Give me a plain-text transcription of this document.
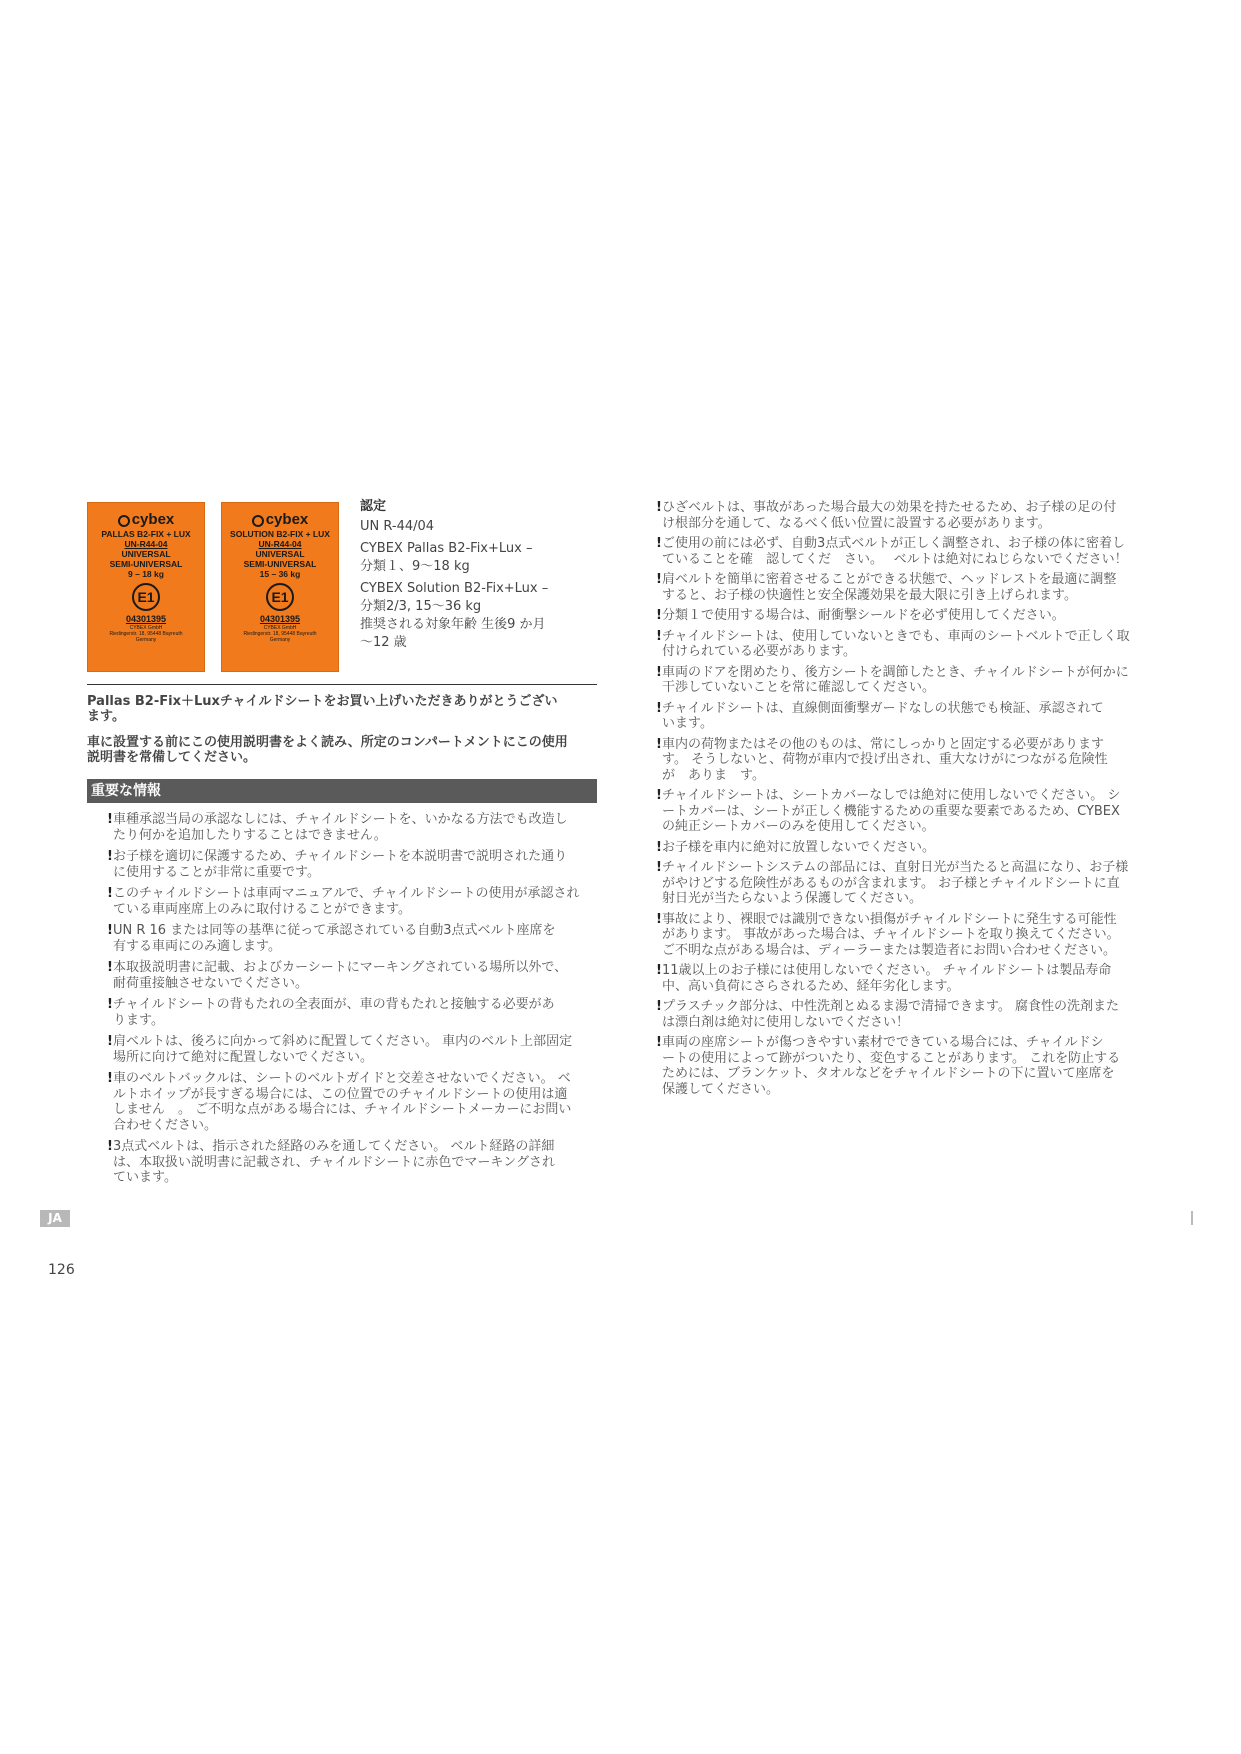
cybex
PALLAS B2-FIX + LUX
UN-R44-04
UNIVERSAL
SEMI-UNIVERSAL
9 – 18 kg
E1
04301395
CYBEX GmbH
Riedingerstr. 18, 95448 Bayreuth
Germany
cybex
SOLUTION B2-FIX + LUX
UN-R44-04
UNIVERSAL
SEMI-UNIVERSAL
15 – 36 kg
E1
04301395
CYBEX GmbH
Riedingerstr. 18, 95448 Bayreuth
Germany
認定
UN R-44/04
CYBEX Pallas B2-Fix+Lux –
分類１、9～18 kg
CYBEX Solution B2-Fix+Lux –
分類2/3, 15～36 kg
推奨される対象年齢 生後9 か月
～12 歳
Pallas B2-Fix＋Luxチャイルドシートをお買い上げいただきありがとうござい
ます。
車に設置する前にこの使用説明書をよく読み、所定のコンパートメントにこの使用
説明書を常備してください。
重要な情報
! 車種承認当局の承認なしには、チャイルドシートを、いかなる方法でも改造し
たり何かを追加したりすることはできません。
! お子様を適切に保護するため、チャイルドシートを本説明書で説明された通り
に使用することが非常に重要です。
! このチャイルドシートは車両マニュアルで、チャイルドシートの使用が承認され
ている車両座席上のみに取付けることができます。
! UN R 16 または同等の基準に従って承認されている自動3点式ベルト座席を
有する車両にのみ適します。
! 本取扱説明書に記載、およびカーシートにマーキングされている場所以外で、
耐荷重接触させないでください。
! チャイルドシートの背もたれの全表面が、車の背もたれと接触する必要があ
ります。
! 肩ベルトは、後ろに向かって斜めに配置してください。 車内のベルト上部固定
場所に向けて絶対に配置しないでください。
! 車のベルトバックルは、シートのベルトガイドと交差させないでください。 ベ
ルトホイップが長すぎる場合には、この位置でのチャイルドシートの使用は適
しません　。 ご不明な点がある場合には、チャイルドシートメーカーにお問い
合わせください。
! 3点式ベルトは、指示された経路のみを通してください。 ベルト経路の詳細
は、本取扱い説明書に記載され、チャイルドシートに赤色でマーキングされ
ています。
! ひざベルトは、事故があった場合最大の効果を持たせるため、お子様の足の付
け根部分を通して、なるべく低い位置に設置する必要があります。
! ご使用の前には必ず、自動3点式ベルトが正しく調整され、お子様の体に密着し
ていることを確　認してくだ　さい。　 ベルトは絶対にねじらないでください！
! 肩ベルトを簡単に密着させることができる状態で、ヘッドレストを最適に調整
すると、お子様の快適性と安全保護効果を最大限に引き上げられます。
! 分類１で使用する場合は、耐衝撃シールドを必ず使用してください。
! チャイルドシートは、使用していないときでも、車両のシートベルトで正しく取
付けられている必要があります。
! 車両のドアを閉めたり、後方シートを調節したとき、チャイルドシートが何かに
干渉していないことを常に確認してください。
! チャイルドシートは、直線側面衝撃ガードなしの状態でも検証、承認されて
います。
! 車内の荷物またはその他のものは、常にしっかりと固定する必要があります
す。 そうしないと、荷物が車内で投げ出され、重大なけがにつながる危険性
が　ありま　す。
! チャイルドシートは、シートカバーなしでは絶対に使用しないでください。 シ
ートカバーは、シートが正しく機能するための重要な要素であるため、CYBEX
の純正シートカバーのみを使用してください。
! お子様を車内に絶対に放置しないでください。
! チャイルドシートシステムの部品には、直射日光が当たると高温になり、お子様
がやけどする危険性があるものが含まれます。 お子様とチャイルドシートに直
射日光が当たらないよう保護してください。
! 事故により、裸眼では識別できない損傷がチャイルドシートに発生する可能性
があります。 事故があった場合は、チャイルドシートを取り換えてください。
ご不明な点がある場合は、ディーラーまたは製造者にお問い合わせください。
! 11歳以上のお子様には使用しないでください。 チャイルドシートは製品寿命
中、高い負荷にさらされるため、経年劣化します。
! プラスチック部分は、中性洗剤とぬるま湯で清掃できます。 腐食性の洗剤また
は漂白剤は絶対に使用しないでください！
! 車両の座席シートが傷つきやすい素材でできている場合には、チャイルドシ
ートの使用によって跡がついたり、変色することがあります。 これを防止する
ためには、ブランケット、タオルなどをチャイルドシートの下に置いて座席を
保護してください。
JA
126
